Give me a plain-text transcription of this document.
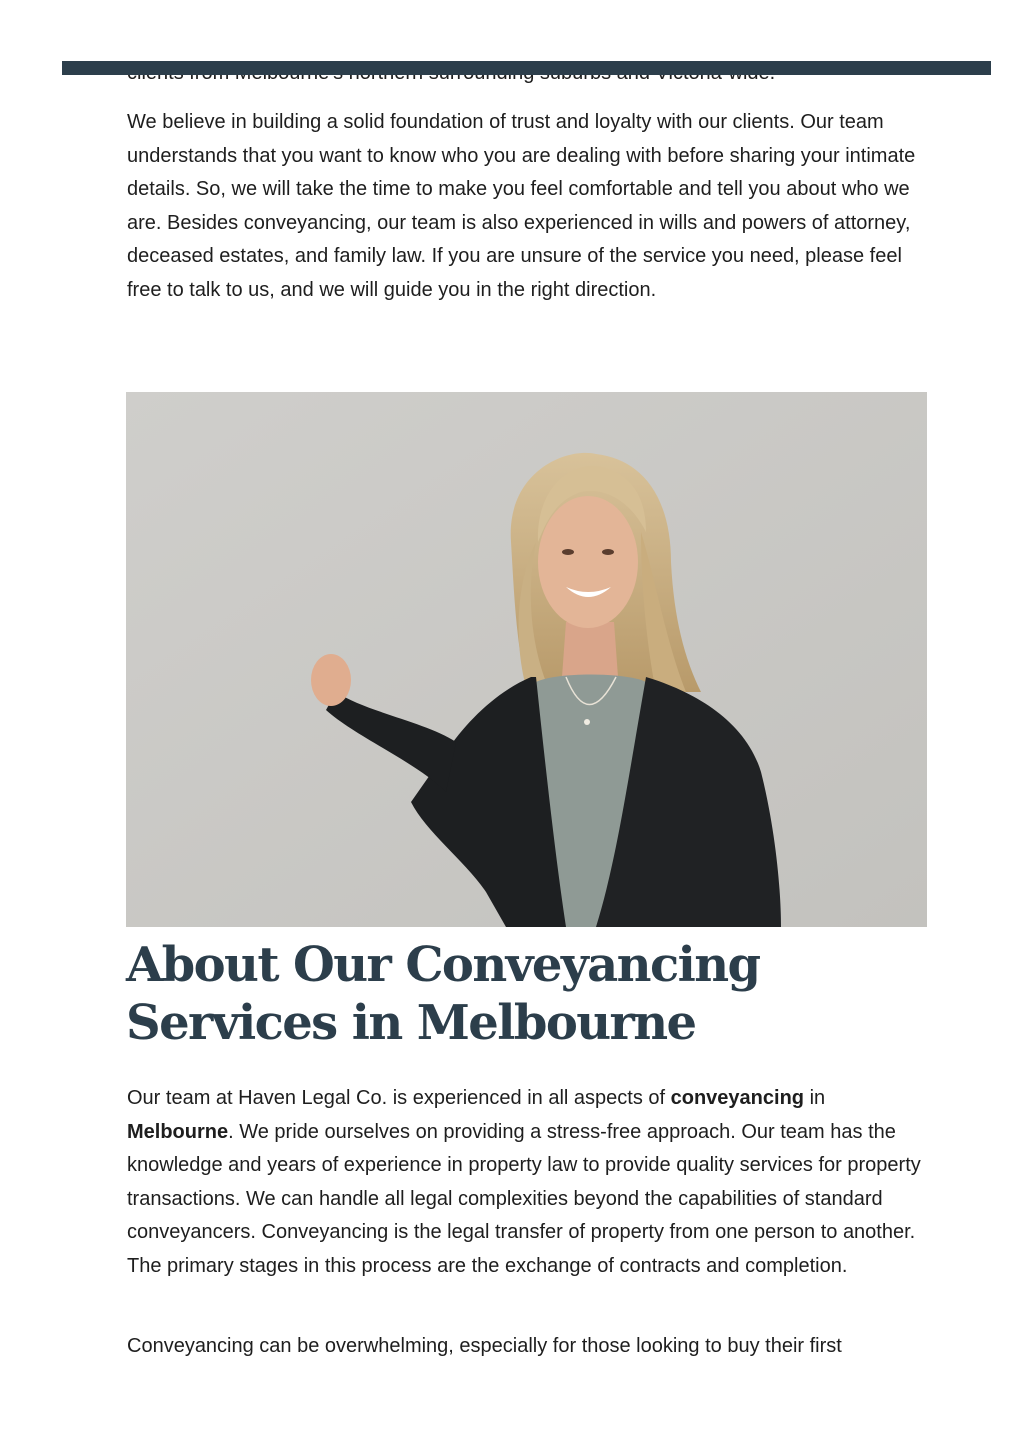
We believe in building a solid foundation of trust and loyalty with our clients. Our team understands that you want to know who you are dealing with before sharing your intimate details. So, we will take the time to make you feel comfortable and tell you about who we are. Besides conveyancing, our team is also experienced in wills and powers of attorney, deceased estates, and family law. If you are unsure of the service you need, please feel free to talk to us, and we will guide you in the right direction.

About Our Conveyancing Services in Melbourne

Our team at Haven Legal Co. is experienced in all aspects of conveyancing in Melbourne. We pride ourselves on providing a stress-free approach. Our team has the knowledge and years of experience in property law to provide quality services for property transactions. We can handle all legal complexities beyond the capabilities of standard conveyancers. Conveyancing is the legal transfer of property from one person to another. The primary stages in this process are the exchange of contracts and completion.

Conveyancing can be overwhelming, especially for those looking to buy their first
